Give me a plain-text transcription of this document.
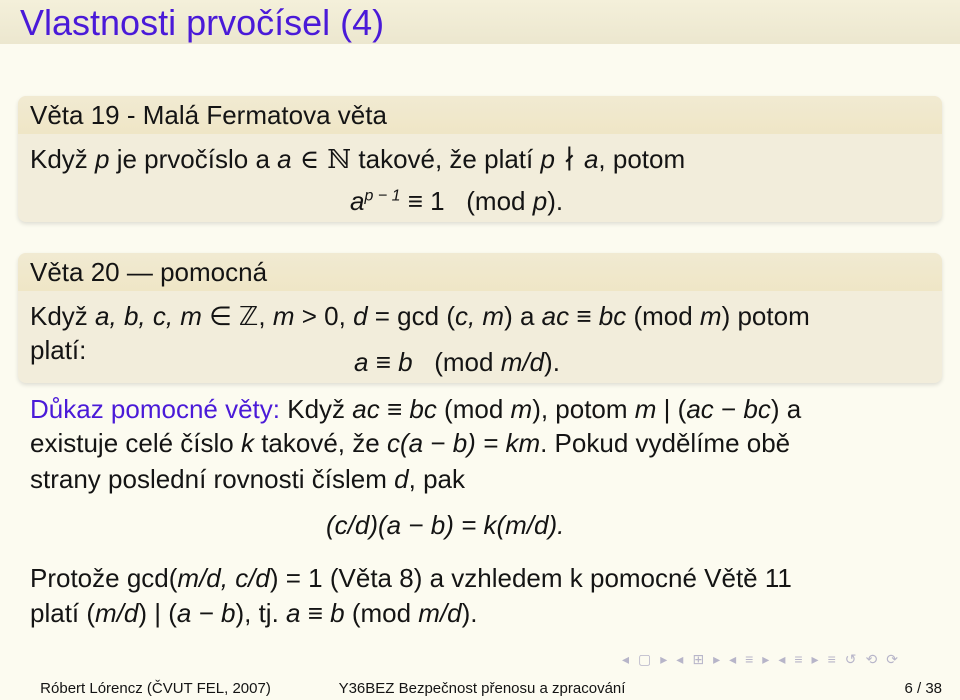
Vlastnosti prvočísel (4)
Věta 19 - Malá Fermatova věta
Když p je prvočíslo a a ∈ ℕ takové, že platí p ∤ a, potom
$a^{p - 1} \equiv 1$   (mod p).
Věta 20 — pomocná
Když a, b, c, m ∈ ℤ, m > 0, d = gcd (c, m) a ac ≡ bc (mod m) potom
platí:	a ≡ b   (mod m/d).
Důkaz pomocné věty: Když ac ≡ bc (mod m), potom m | (ac − bc) a
existuje celé číslo k takové, že c(a − b) = km. Pokud vydělíme obě
strany poslední rovnosti číslem d, pak
(c/d)(a − b) = k(m/d).
Protože gcd(m/d, c/d) = 1 (Věta 8) a vzhledem k pomocné Větě 11
platí (m/d) | (a − b), tj. a ≡ b (mod m/d).
◂ ▢ ▸ ◂ ⊞ ▸ ◂ ≡ ▸ ◂ ≡ ▸ ≡ ↺ ⟲ ⟳
Róbert Lórencz (ČVUT FEL, 2007)	Y36BEZ Bezpečnost přenosu a zpracování	6 / 38
